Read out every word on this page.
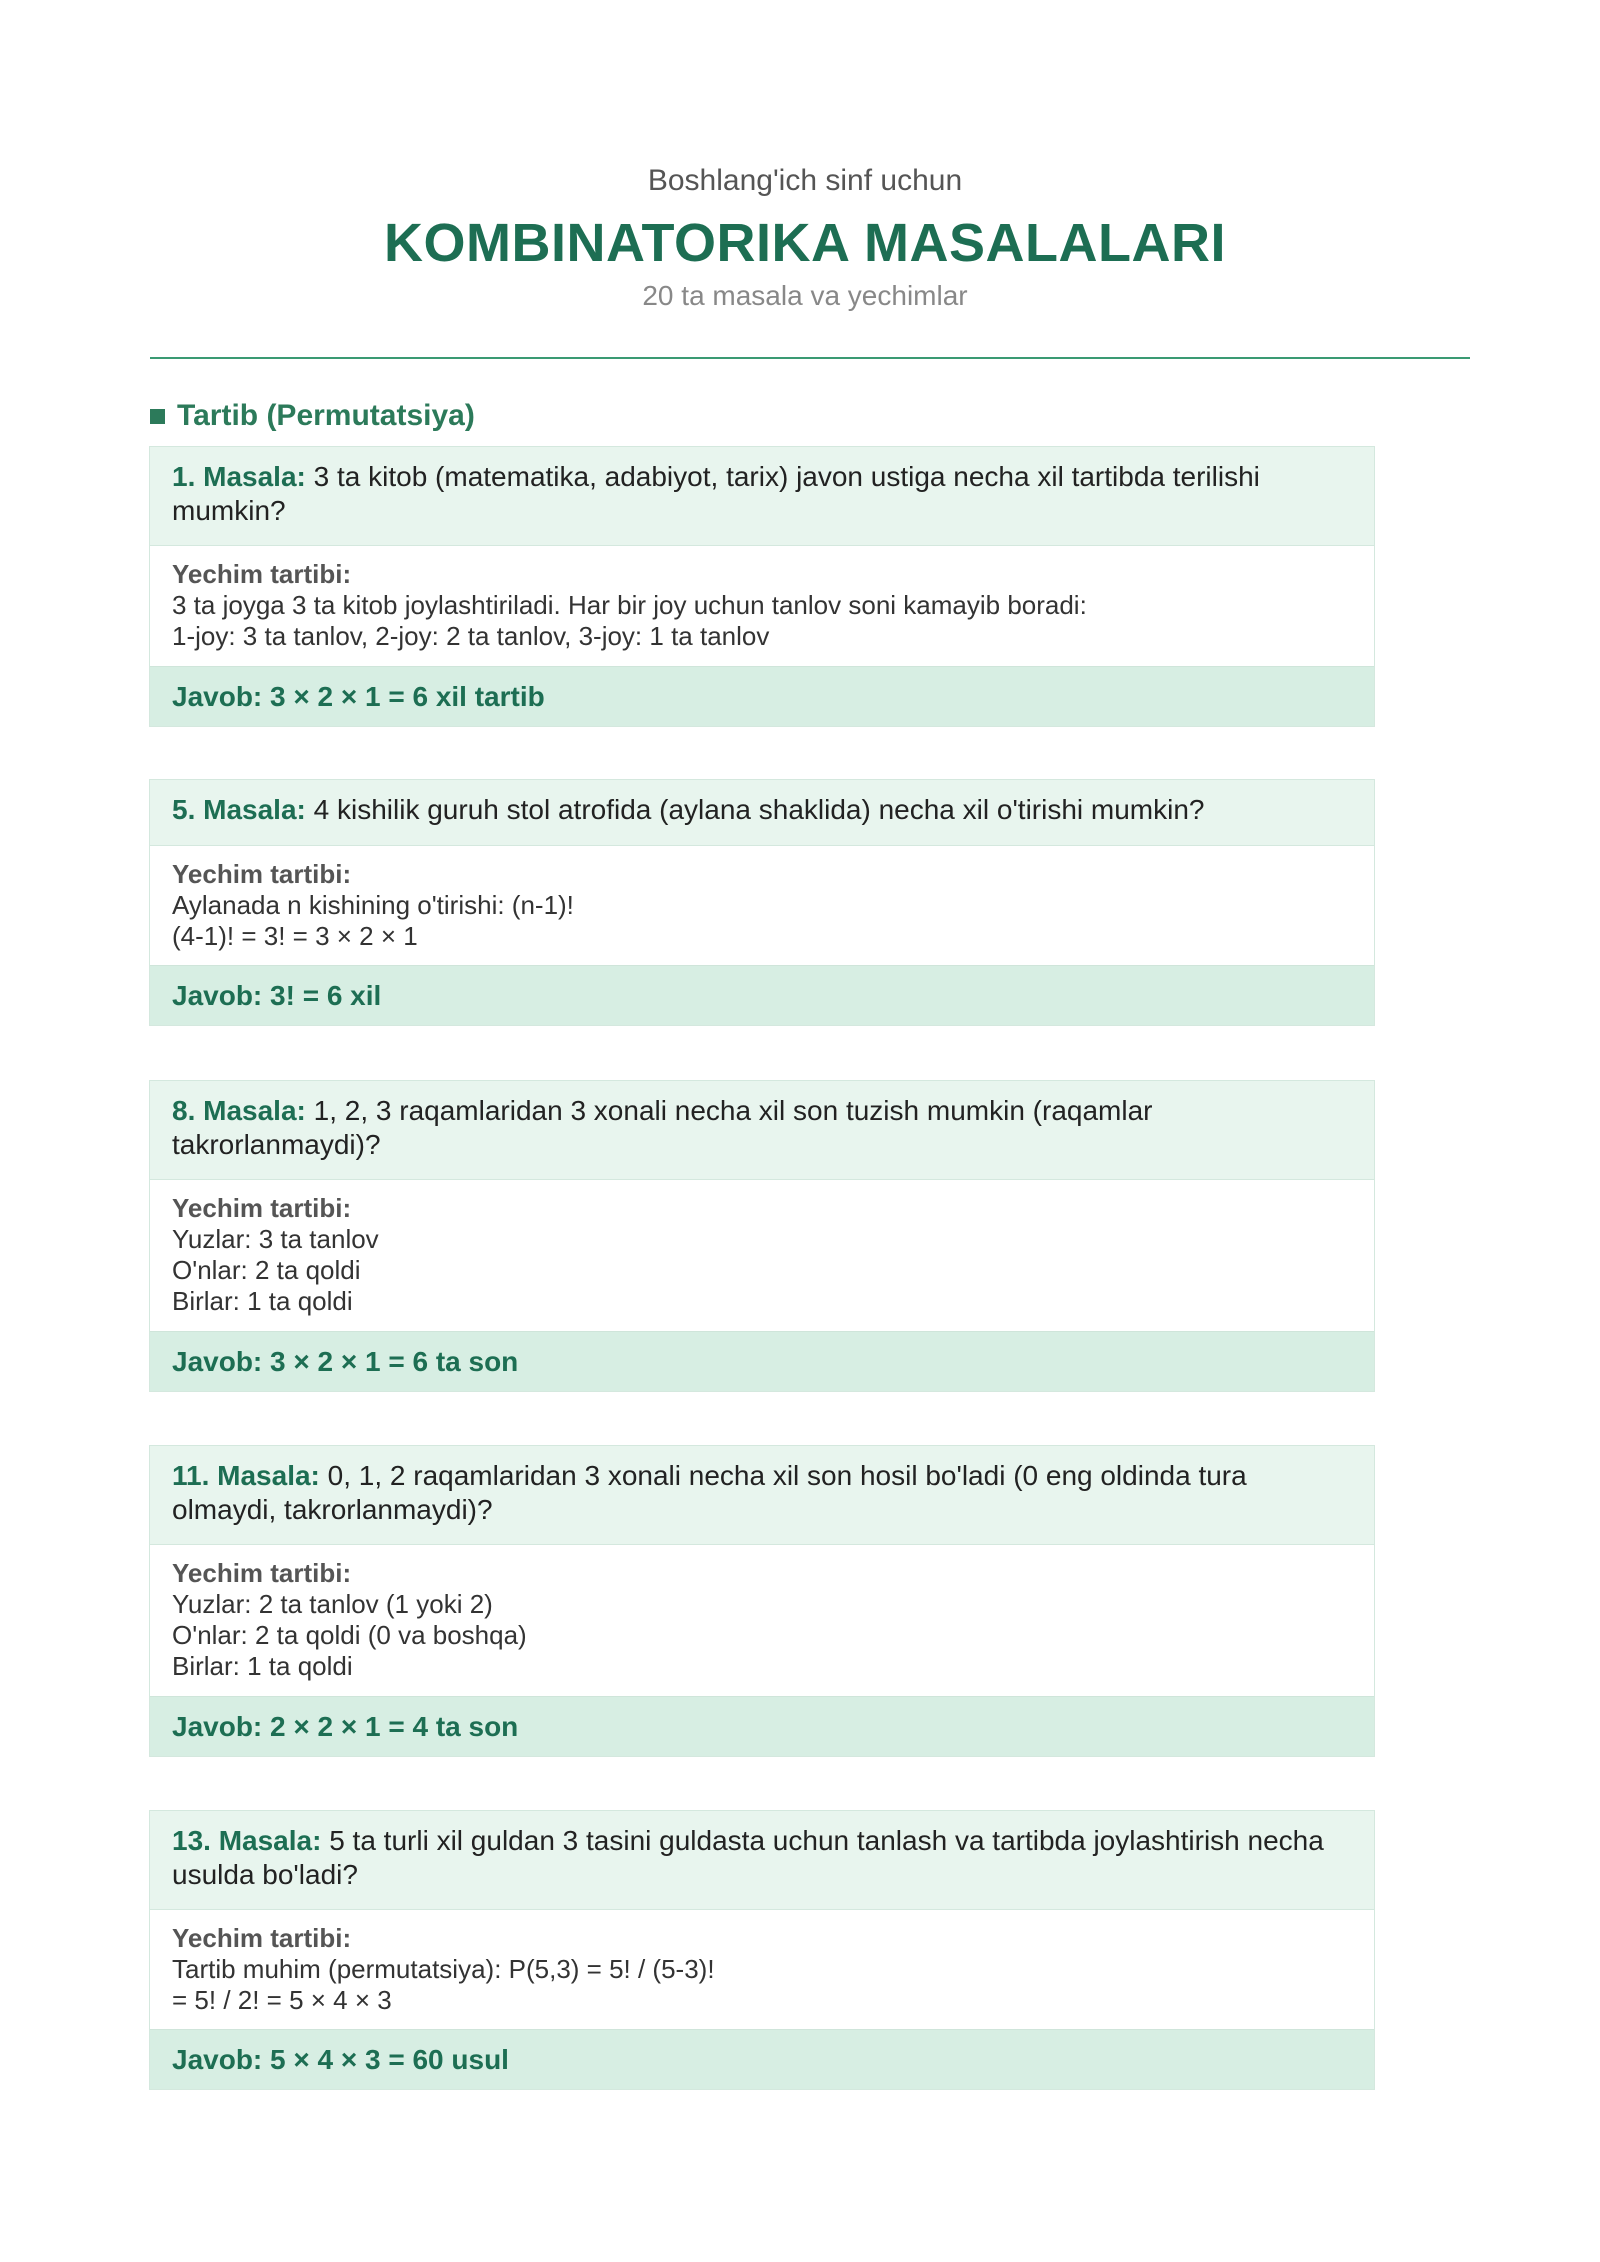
Boshlang'ich sinf uchun
KOMBINATORIKA MASALALARI
20 ta masala va yechimlar
Tartib (Permutatsiya)
1. Masala: 3 ta kitob (matematika, adabiyot, tarix) javon ustiga necha xil tartibda terilishi mumkin?
Yechim tartibi:
3 ta joyga 3 ta kitob joylashtiriladi. Har bir joy uchun tanlov soni kamayib boradi:
1-joy: 3 ta tanlov, 2-joy: 2 ta tanlov, 3-joy: 1 ta tanlov
Javob: 3 × 2 × 1 = 6 xil tartib
5. Masala: 4 kishilik guruh stol atrofida (aylana shaklida) necha xil o'tirishi mumkin?
Yechim tartibi:
Aylanada n kishining o'tirishi: (n-1)!
(4-1)! = 3! = 3 × 2 × 1
Javob: 3! = 6 xil
8. Masala: 1, 2, 3 raqamlaridan 3 xonali necha xil son tuzish mumkin (raqamlar takrorlanmaydi)?
Yechim tartibi:
Yuzlar: 3 ta tanlov
O'nlar: 2 ta qoldi
Birlar: 1 ta qoldi
Javob: 3 × 2 × 1 = 6 ta son
11. Masala: 0, 1, 2 raqamlaridan 3 xonali necha xil son hosil bo'ladi (0 eng oldinda tura olmaydi, takrorlanmaydi)?
Yechim tartibi:
Yuzlar: 2 ta tanlov (1 yoki 2)
O'nlar: 2 ta qoldi (0 va boshqa)
Birlar: 1 ta qoldi
Javob: 2 × 2 × 1 = 4 ta son
13. Masala: 5 ta turli xil guldan 3 tasini guldasta uchun tanlash va tartibda joylashtirish necha usulda bo'ladi?
Yechim tartibi:
Tartib muhim (permutatsiya): P(5,3) = 5! / (5-3)!
= 5! / 2! = 5 × 4 × 3
Javob: 5 × 4 × 3 = 60 usul
